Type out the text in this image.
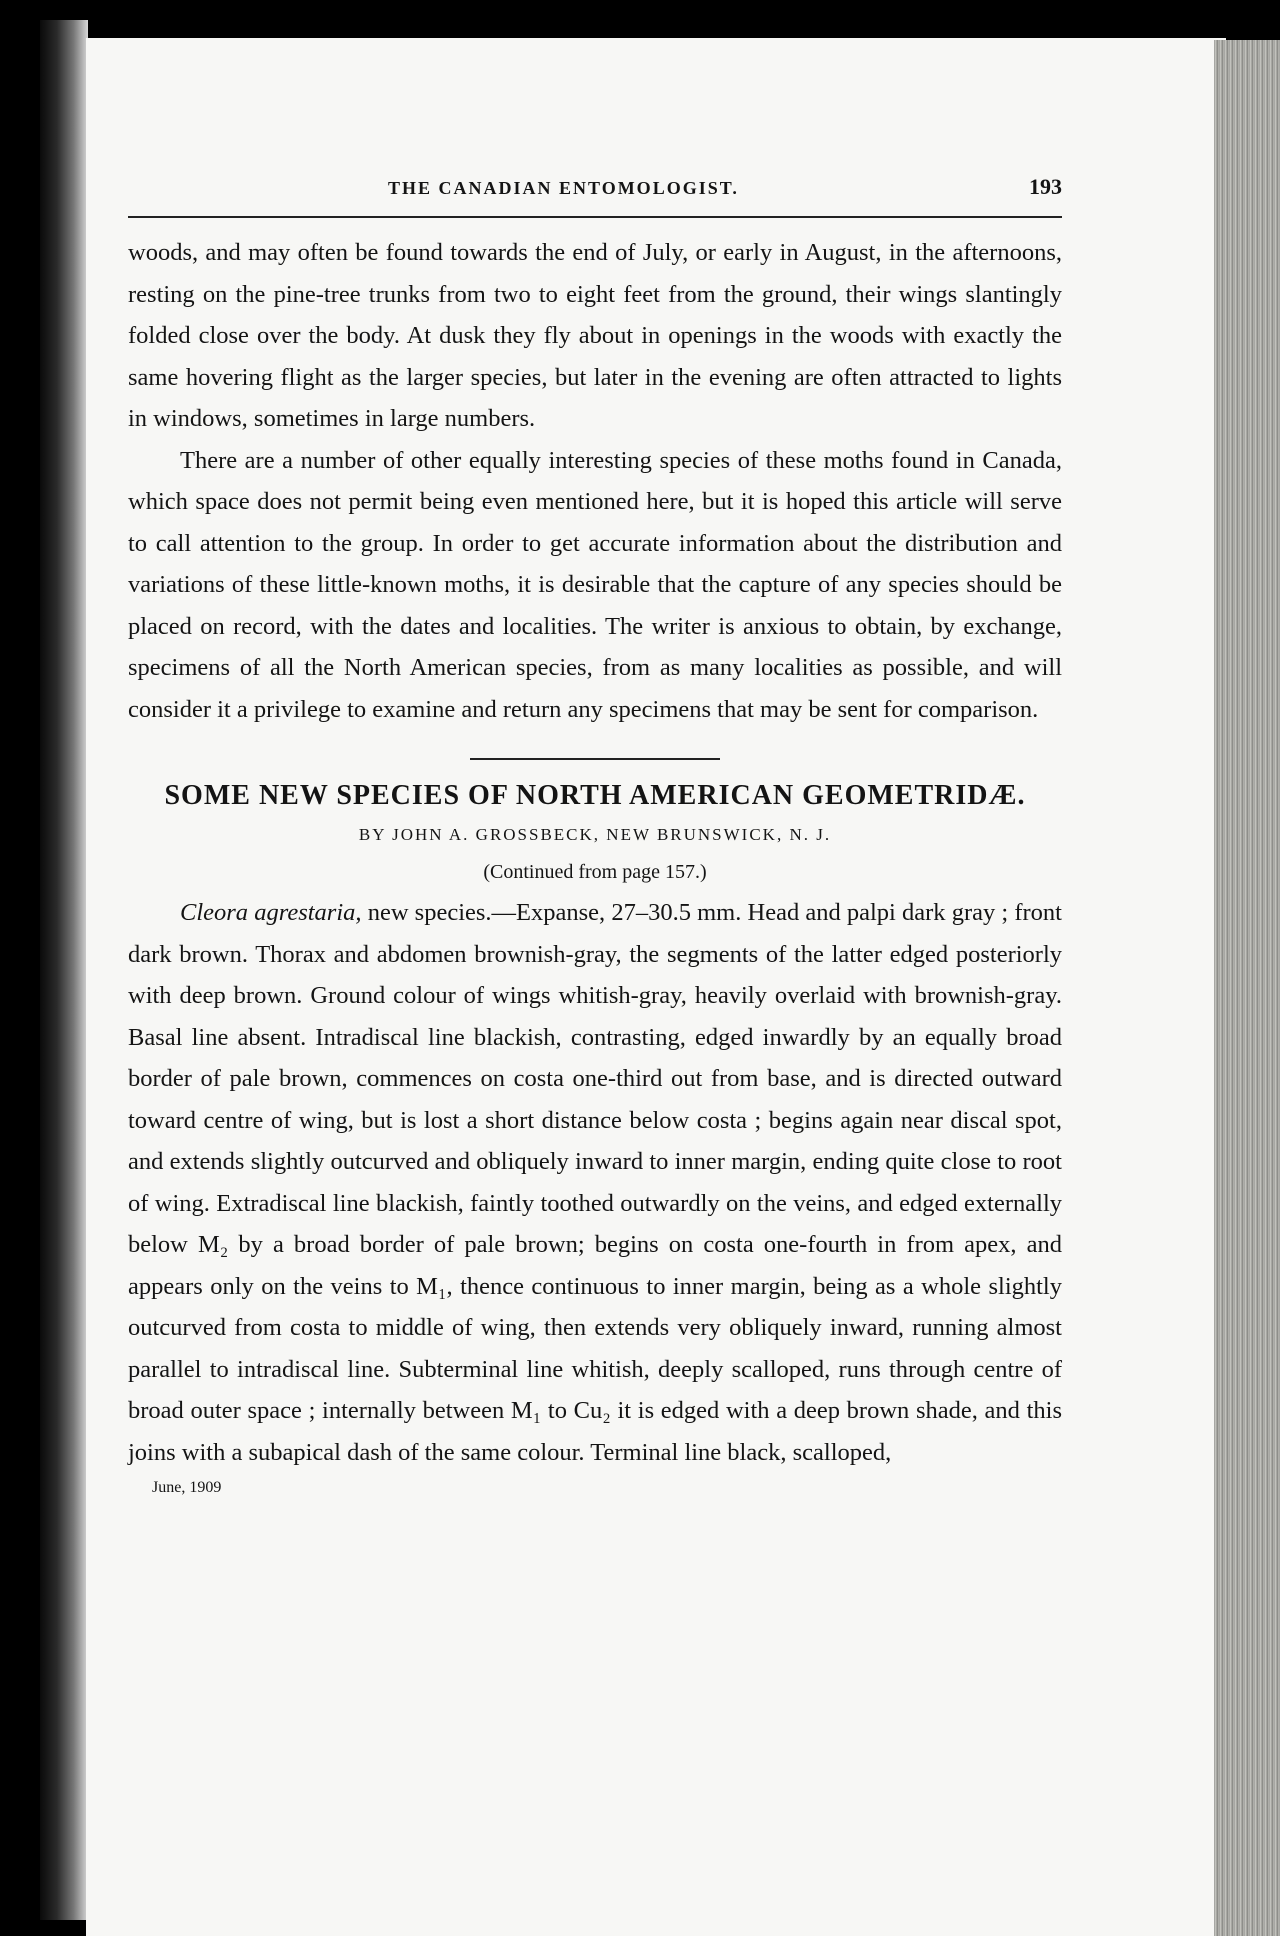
THE CANADIAN ENTOMOLOGIST.	193

woods, and may often be found towards the end of July, or early in August, in the afternoons, resting on the pine-tree trunks from two to eight feet from the ground, their wings slantingly folded close over the body. At dusk they fly about in openings in the woods with exactly the same hovering flight as the larger species, but later in the evening are often attracted to lights in windows, sometimes in large numbers.

There are a number of other equally interesting species of these moths found in Canada, which space does not permit being even mentioned here, but it is hoped this article will serve to call attention to the group. In order to get accurate information about the distribution and variations of these little-known moths, it is desirable that the capture of any species should be placed on record, with the dates and localities. The writer is anxious to obtain, by exchange, specimens of all the North American species, from as many localities as possible, and will consider it a privilege to examine and return any specimens that may be sent for comparison.

SOME NEW SPECIES OF NORTH AMERICAN GEOMETRIDÆ.
BY JOHN A. GROSSBECK, NEW BRUNSWICK, N. J.
(Continued from page 157.)

Cleora agrestaria, new species.—Expanse, 27–30.5 mm. Head and palpi dark gray ; front dark brown. Thorax and abdomen brownish-gray, the segments of the latter edged posteriorly with deep brown. Ground colour of wings whitish-gray, heavily overlaid with brownish-gray. Basal line absent. Intradiscal line blackish, contrasting, edged inwardly by an equally broad border of pale brown, commences on costa one-third out from base, and is directed outward toward centre of wing, but is lost a short distance below costa ; begins again near discal spot, and extends slightly outcurved and obliquely inward to inner margin, ending quite close to root of wing. Extradiscal line blackish, faintly toothed outwardly on the veins, and edged externally below M₂ by a broad border of pale brown; begins on costa one-fourth in from apex, and appears only on the veins to M₁, thence continuous to inner margin, being as a whole slightly outcurved from costa to middle of wing, then extends very obliquely inward, running almost parallel to intradiscal line. Subterminal line whitish, deeply scalloped, runs through centre of broad outer space ; internally between M₁ to Cu₂ it is edged with a deep brown shade, and this joins with a subapical dash of the same colour. Terminal line black, scalloped,

June, 1909
